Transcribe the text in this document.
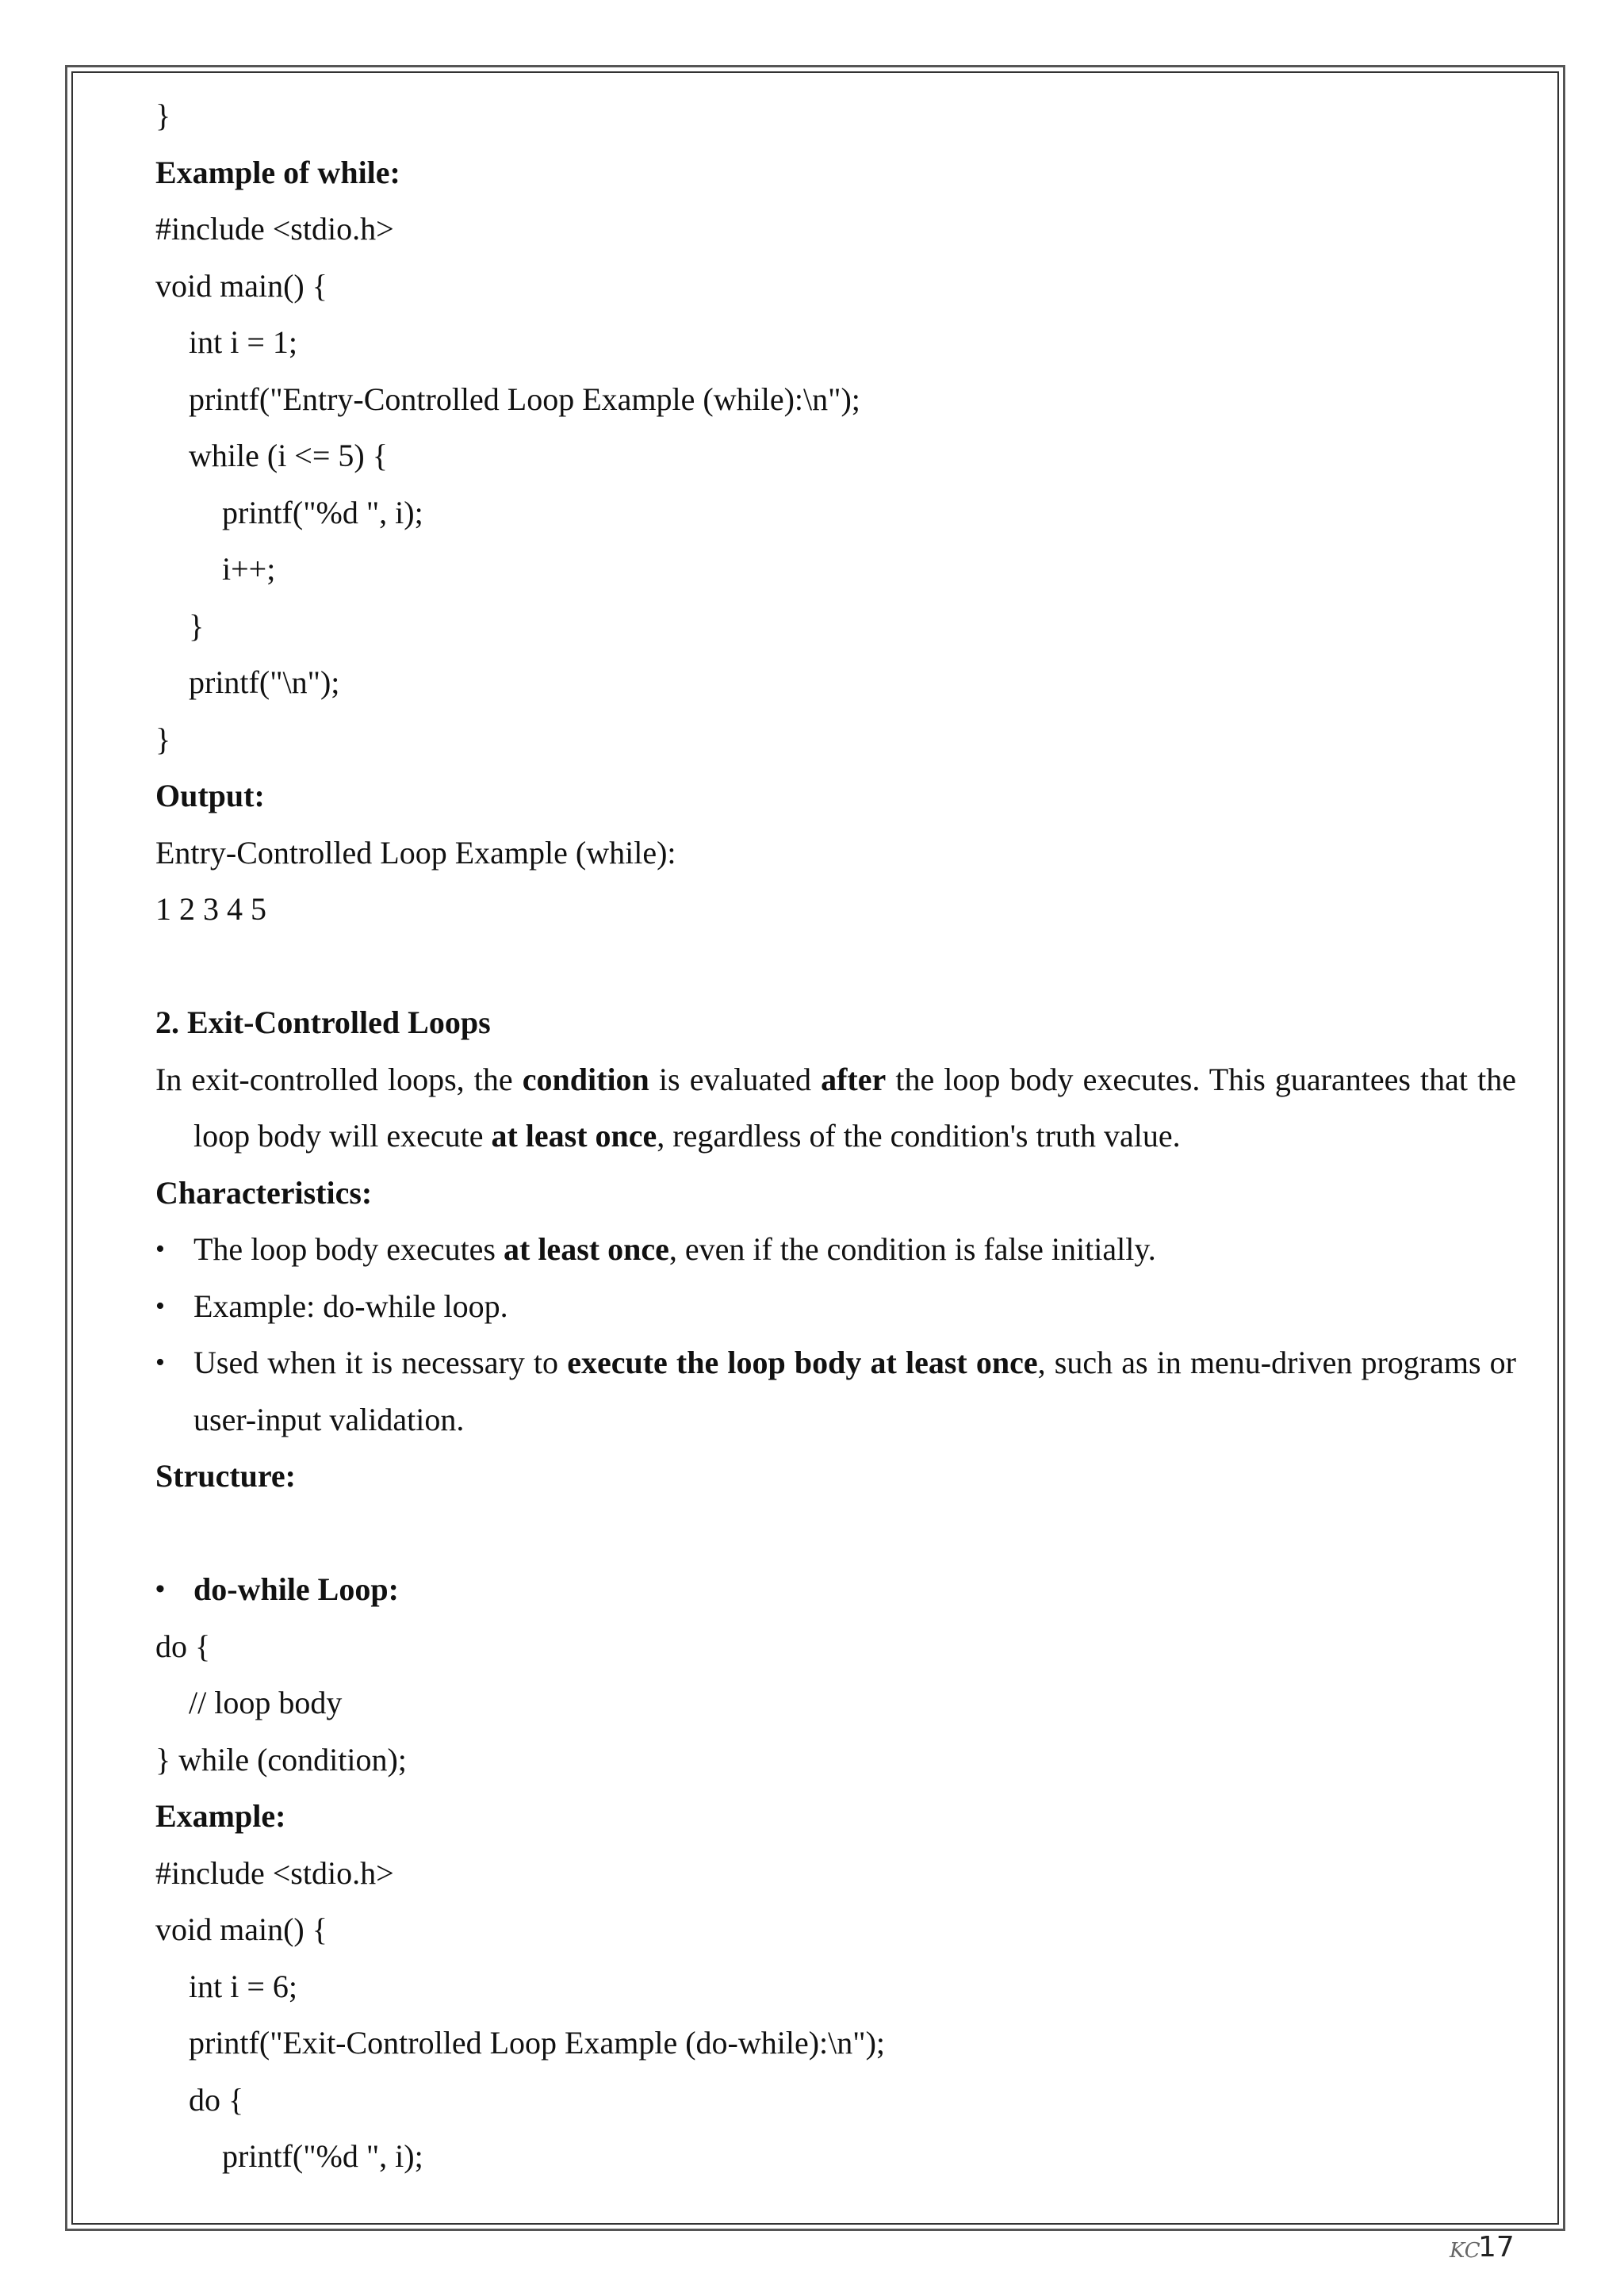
}
Example of while:
#include <stdio.h>
void main() {
int i = 1;
printf("Entry-Controlled Loop Example (while):\n");
while (i <= 5) {
printf("%d ", i);
i++;
}
printf("\n");
}
Output:
Entry-Controlled Loop Example (while):
1 2 3 4 5
2. Exit-Controlled Loops
In exit-controlled loops, the condition is evaluated after the loop body executes. This guarantees that the loop body will execute at least once, regardless of the condition's truth value.
Characteristics:
• The loop body executes at least once, even if the condition is false initially.
• Example: do-while loop.
• Used when it is necessary to execute the loop body at least once, such as in menu-driven programs or user-input validation.
Structure:
• do-while Loop:
do {
// loop body
} while (condition);
Example:
#include <stdio.h>
void main() {
int i = 6;
printf("Exit-Controlled Loop Example (do-while):\n");
do {
printf("%d ", i);
KC
17
